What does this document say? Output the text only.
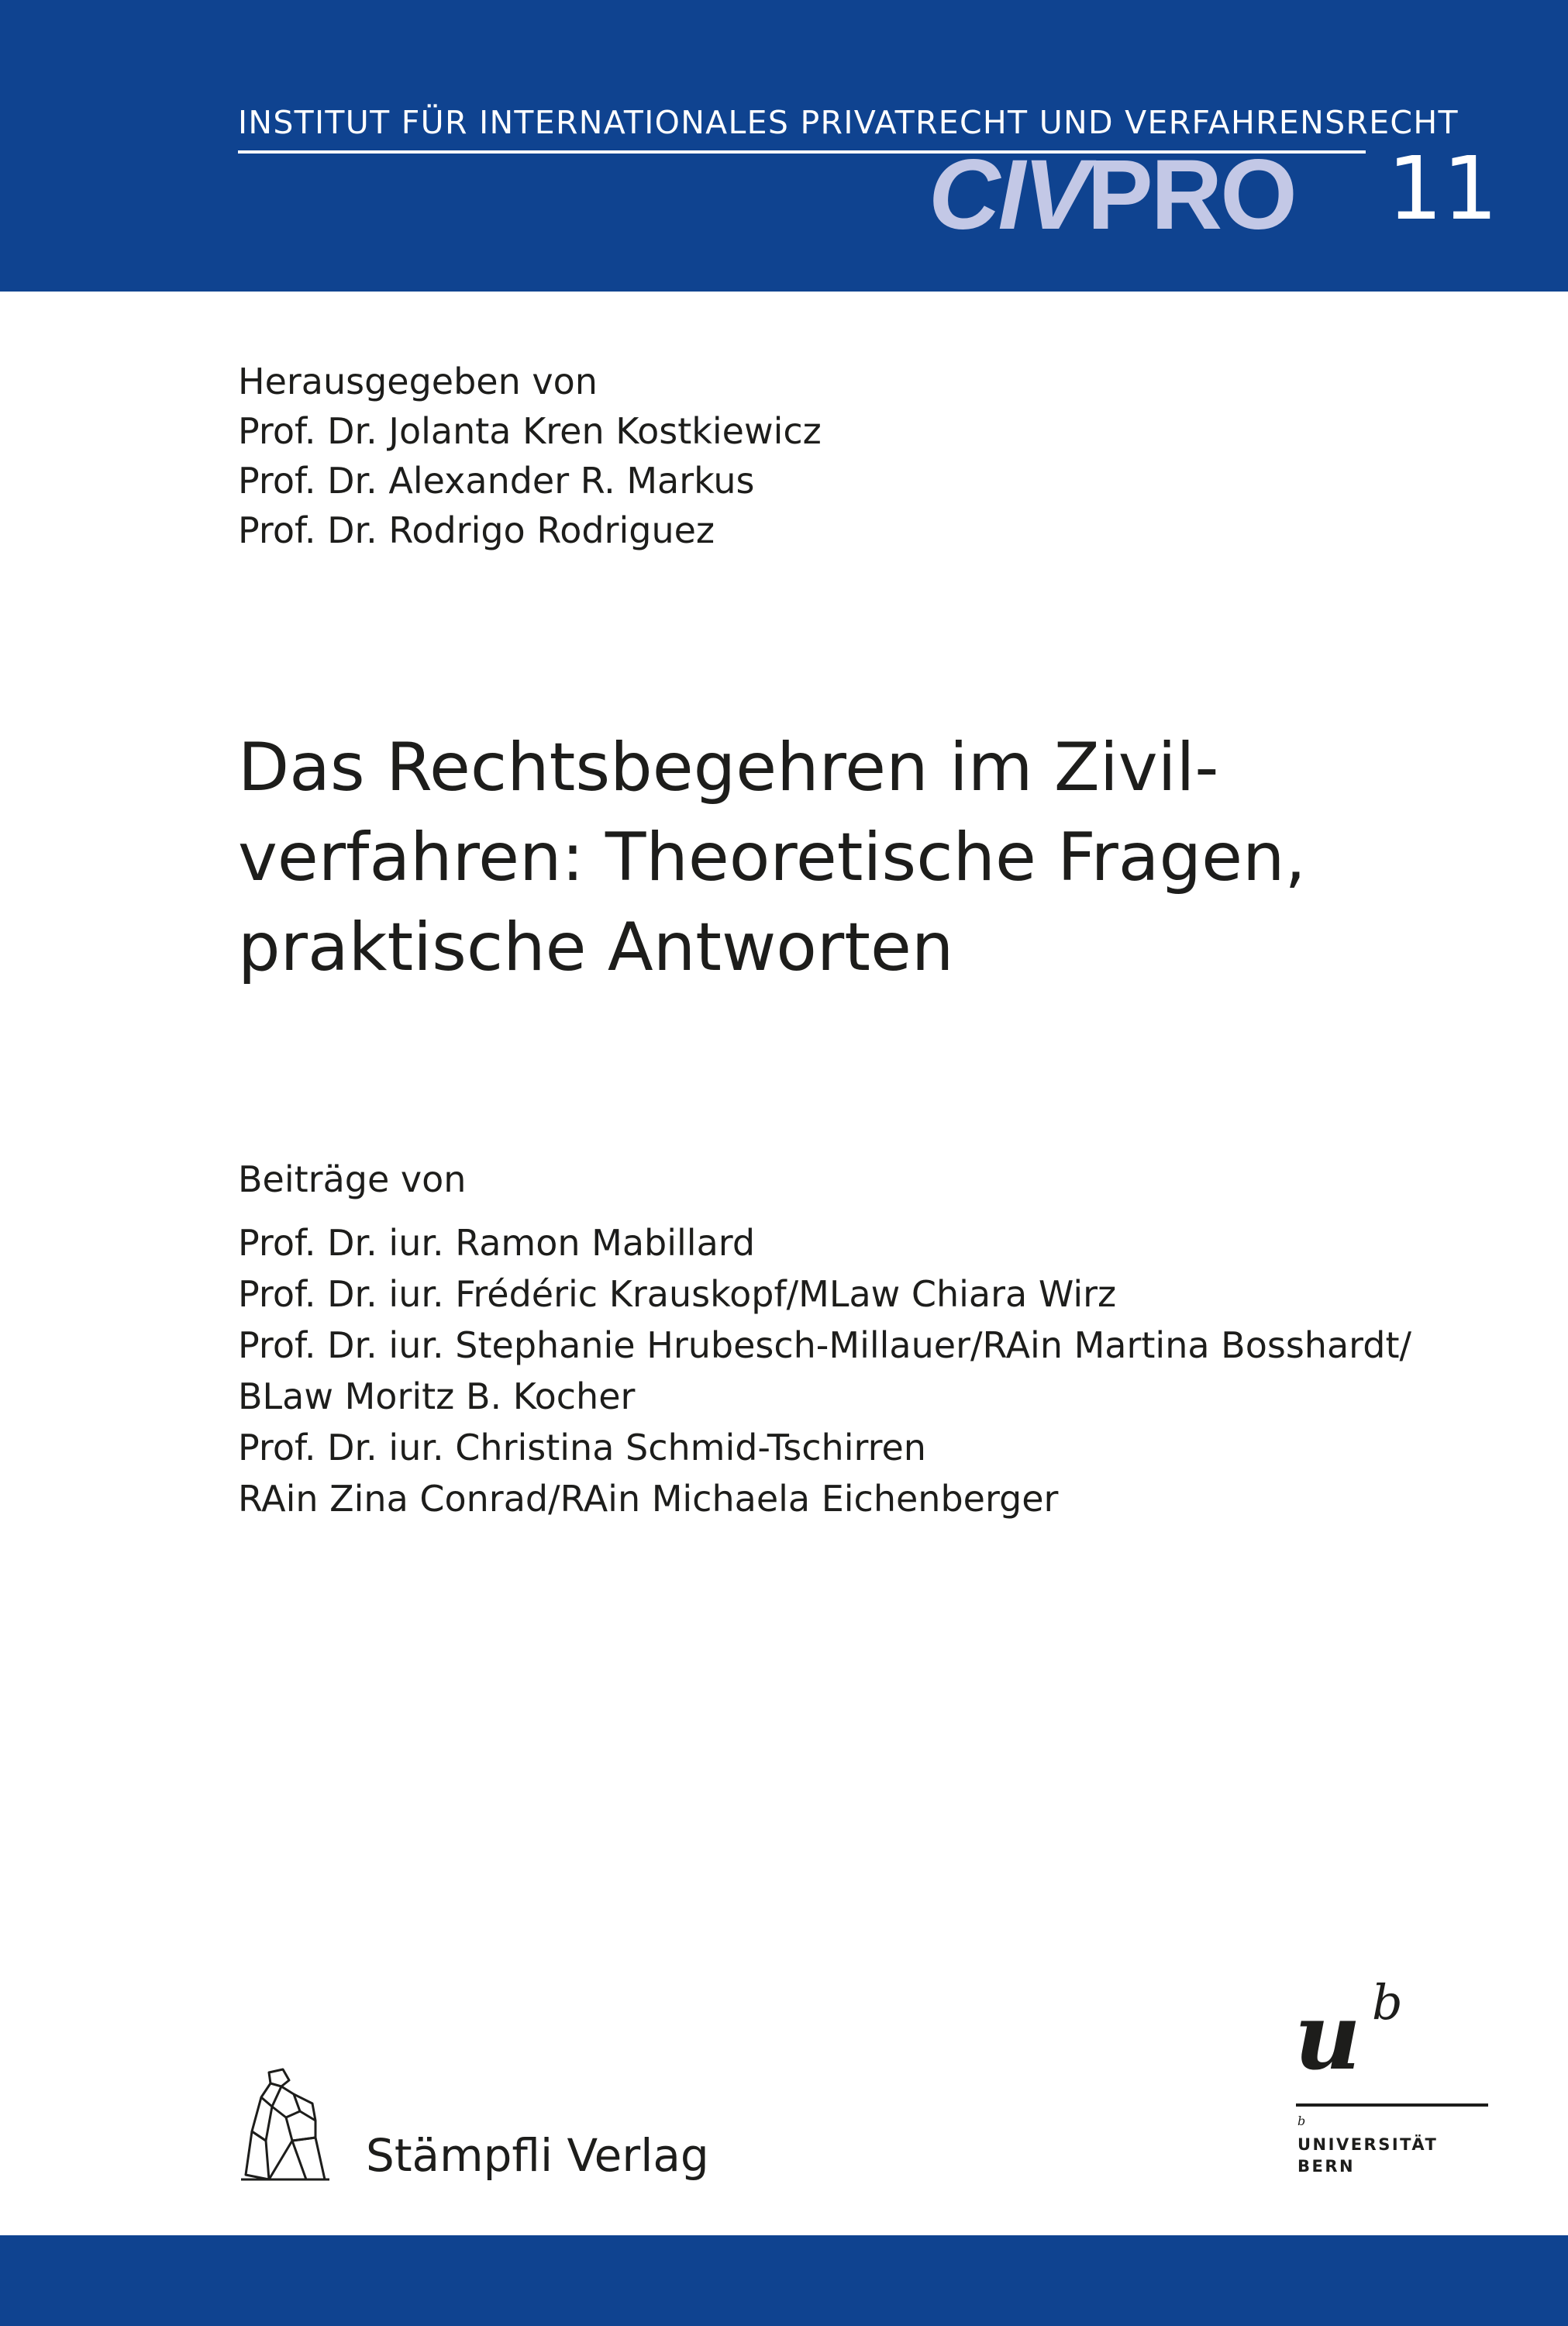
INSTITUT FÜR INTERNATIONALES PRIVATRECHT UND VERFAHRENSRECHT
CIVPRO 11
Herausgegeben von
Prof. Dr. Jolanta Kren Kostkiewicz
Prof. Dr. Alexander R. Markus
Prof. Dr. Rodrigo Rodriguez
Das Rechtsbegehren im Zivil-
verfahren: Theoretische Fragen,
praktische Antworten
Beiträge von
Prof. Dr. iur. Ramon Mabillard
Prof. Dr. iur. Frédéric Krauskopf/MLaw Chiara Wirz
Prof. Dr. iur. Stephanie Hrubesch-Millauer/RAin Martina Bosshardt/
BLaw Moritz B. Kocher
Prof. Dr. iur. Christina Schmid-Tschirren
RAin Zina Conrad/RAin Michaela Eichenberger
Stämpfli Verlag
u b
b
UNIVERSITÄT
BERN
